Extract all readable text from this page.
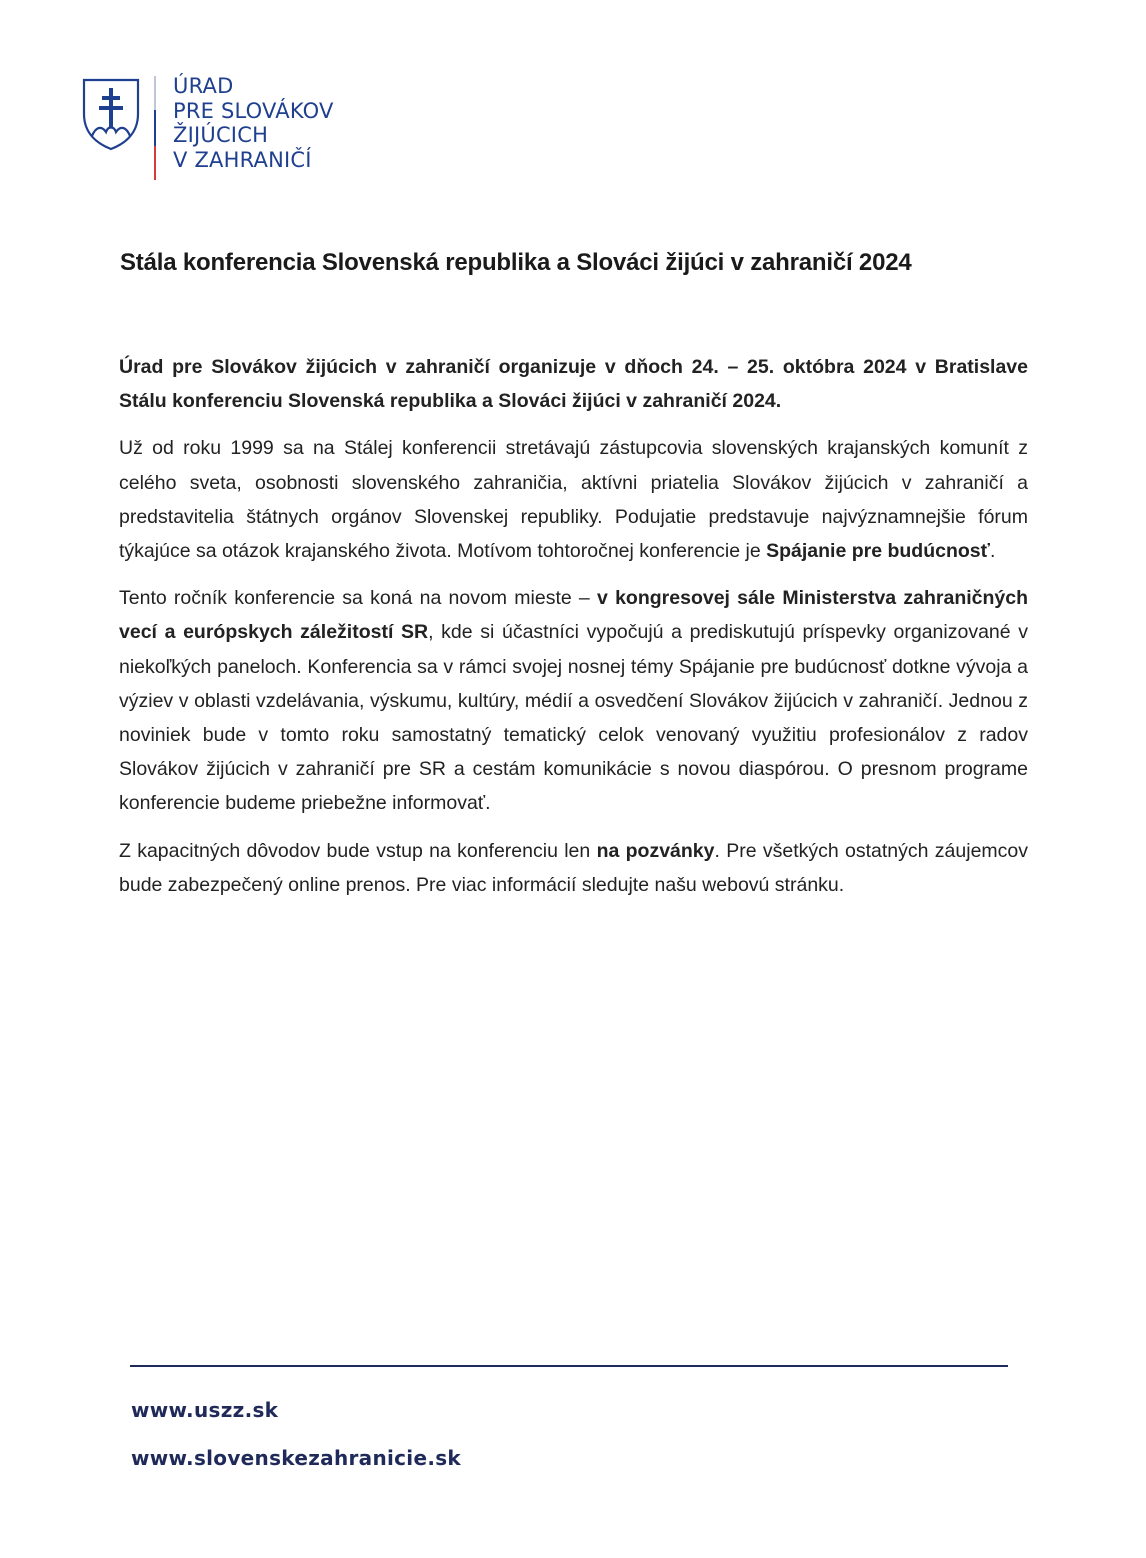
ÚRAD
PRE SLOVÁKOV
ŽIJÚCICH
V ZAHRANIČÍ
Stála konferencia Slovenská republika a Slováci žijúci v zahraničí 2024

Úrad pre Slovákov žijúcich v zahraničí organizuje v dňoch 24. – 25. októbra 2024 v Bratislave Stálu konferenciu Slovenská republika a Slováci žijúci v zahraničí 2024.

Už od roku 1999 sa na Stálej konferencii stretávajú zástupcovia slovenských krajanských komunít z celého sveta, osobnosti slovenského zahraničia, aktívni priatelia Slovákov žijúcich v zahraničí a predstavitelia štátnych orgánov Slovenskej republiky. Podujatie predstavuje najvýznamnejšie fórum týkajúce sa otázok krajanského života. Motívom tohtoročnej konferencie je Spájanie pre budúcnosť.

Tento ročník konferencie sa koná na novom mieste – v kongresovej sále Ministerstva zahraničných vecí a európskych záležitostí SR, kde si účastníci vypočujú a prediskutujú príspevky organizované v niekoľkých paneloch. Konferencia sa v rámci svojej nosnej témy Spájanie pre budúcnosť dotkne vývoja a výziev v oblasti vzdelávania, výskumu, kultúry, médií a osvedčení Slovákov žijúcich v zahraničí. Jednou z noviniek bude v tomto roku samostatný tematický celok venovaný využitiu profesionálov z radov Slovákov žijúcich v zahraničí pre SR a cestám komunikácie s novou diaspórou. O presnom programe konferencie budeme priebežne informovať.

Z kapacitných dôvodov bude vstup na konferenciu len na pozvánky. Pre všetkých ostatných záujemcov bude zabezpečený online prenos. Pre viac informácií sledujte našu webovú stránku.

www.uszz.sk
www.slovenskezahranicie.sk
